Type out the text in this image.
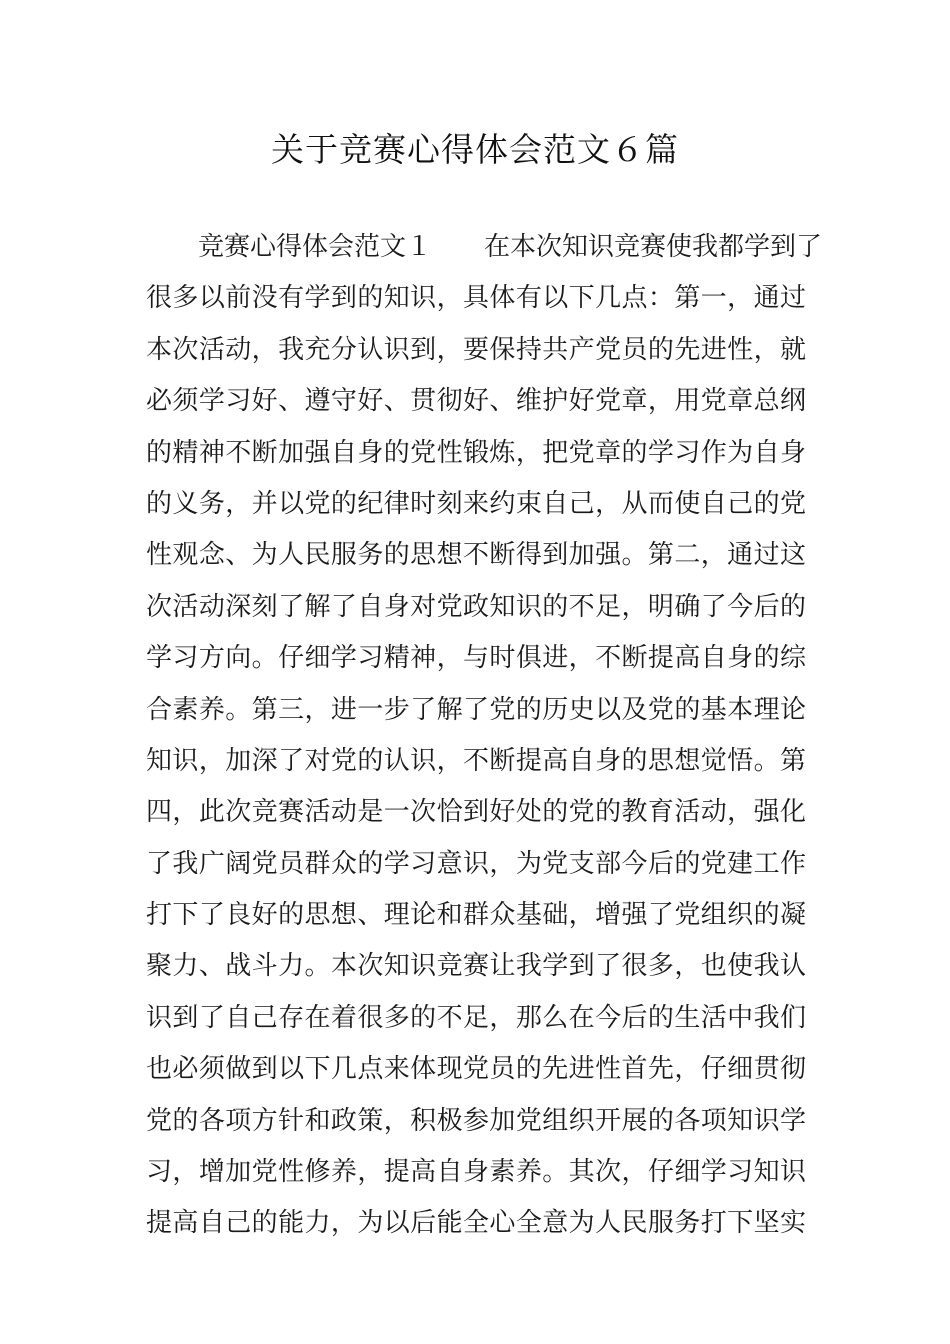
关于竞赛心得体会范文６篇
竞赛心得体会范文１　　在本次知识竞赛使我都学到了
很多以前没有学到的知识，具体有以下几点：第一，通过
本次活动，我充分认识到，要保持共产党员的先进性，就
必须学习好、遵守好、贯彻好、维护好党章，用党章总纲
的精神不断加强自身的党性锻炼，把党章的学习作为自身
的义务，并以党的纪律时刻来约束自己，从而使自己的党
性观念、为人民服务的思想不断得到加强。第二，通过这
次活动深刻了解了自身对党政知识的不足，明确了今后的
学习方向。仔细学习精神，与时俱进，不断提高自身的综
合素养。第三，进一步了解了党的历史以及党的基本理论
知识，加深了对党的认识，不断提高自身的思想觉悟。第
四，此次竞赛活动是一次恰到好处的党的教育活动，强化
了我广阔党员群众的学习意识，为党支部今后的党建工作
打下了良好的思想、理论和群众基础，增强了党组织的凝
聚力、战斗力。本次知识竞赛让我学到了很多，也使我认
识到了自己存在着很多的不足，那么在今后的生活中我们
也必须做到以下几点来体现党员的先进性首先，仔细贯彻
党的各项方针和政策，积极参加党组织开展的各项知识学
习，增加党性修养，提高自身素养。其次，仔细学习知识
提高自己的能力，为以后能全心全意为人民服务打下坚实
